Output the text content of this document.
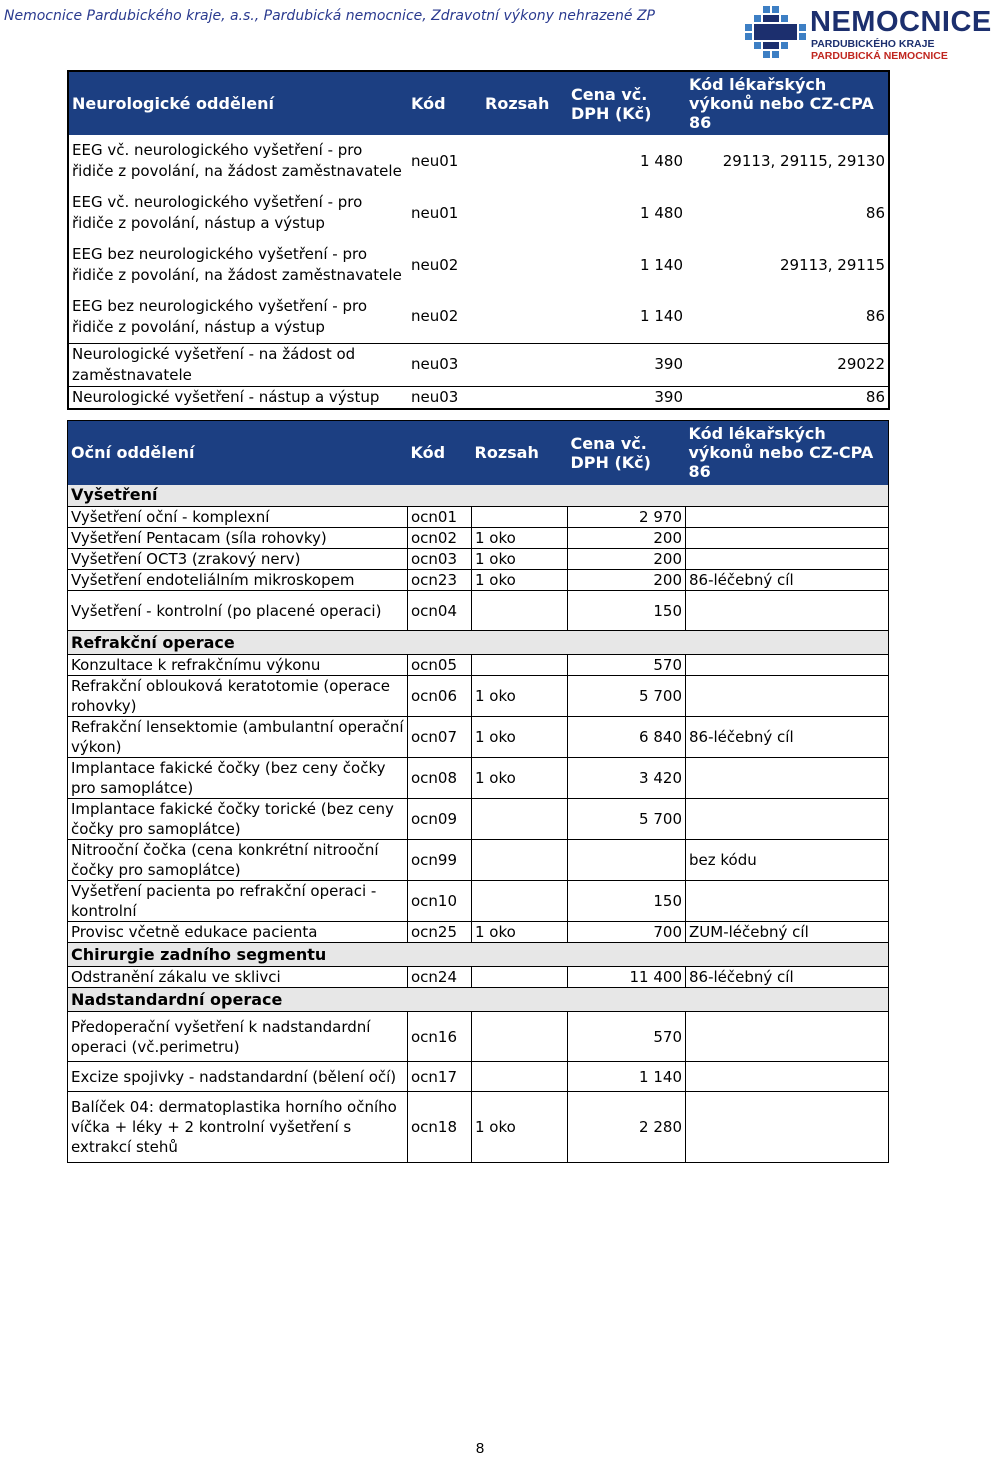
Nemocnice Pardubického kraje, a.s., Pardubická nemocnice, Zdravotní výkony nehrazené ZP	NEMOCNICE
PARDUBICKÉHO KRAJE
PARDUBICKÁ NEMOCNICE
Neurologické oddělení	Kód	Rozsah	Cena vč. DPH (Kč)	Kód lékařských výkonů nebo CZ-CPA 86
EEG vč. neurologického vyšetření - pro řidiče z povolání, na žádost zaměstnavatele	neu01		1 480	29113, 29115, 29130
EEG vč. neurologického vyšetření - pro řidiče z povolání, nástup a výstup	neu01		1 480	86
EEG bez neurologického vyšetření - pro řidiče z povolání, na žádost zaměstnavatele	neu02		1 140	29113, 29115
EEG bez neurologického vyšetření - pro řidiče z povolání, nástup a výstup	neu02		1 140	86
Neurologické vyšetření - na žádost od zaměstnavatele	neu03		390	29022
Neurologické vyšetření - nástup a výstup	neu03		390	86
Oční oddělení	Kód	Rozsah	Cena vč. DPH (Kč)	Kód lékařských výkonů nebo CZ-CPA 86
Vyšetření				
Vyšetření oční - komplexní	ocn01		2 970	
Vyšetření Pentacam (síla rohovky)	ocn02	1 oko	200	
Vyšetření OCT3 (zrakový nerv)	ocn03	1 oko	200	
Vyšetření endoteliálním mikroskopem	ocn23	1 oko	200	86-léčebný cíl
Vyšetření - kontrolní (po placené operaci)	ocn04		150	
Refrakční operace				
Konzultace k refrakčnímu výkonu	ocn05		570	
Refrakční oblouková keratotomie (operace rohovky)	ocn06	1 oko	5 700	
Refrakční lensektomie (ambulantní operační výkon)	ocn07	1 oko	6 840	86-léčebný cíl
Implantace fakické čočky (bez ceny čočky pro samoplátce)	ocn08	1 oko	3 420	
Implantace fakické čočky torické (bez ceny čočky pro samoplátce)	ocn09		5 700	
Nitrooční čočka (cena konkrétní nitrooční čočky pro samoplátce)	ocn99			bez kódu
Vyšetření pacienta po refrakční operaci - kontrolní	ocn10		150	
Provisc včetně edukace pacienta	ocn25	1 oko	700	ZUM-léčebný cíl
Chirurgie zadního segmentu				
Odstranění zákalu ve sklivci	ocn24		11 400	86-léčebný cíl
Nadstandardní operace				
Předoperační vyšetření k nadstandardní operaci (vč.perimetru)	ocn16		570	
Excize spojivky - nadstandardní (bělení očí)	ocn17		1 140	
Balíček 04: dermatoplastika horního očního víčka + léky + 2 kontrolní vyšetření s extrakcí stehů	ocn18	1 oko	2 280	
8
